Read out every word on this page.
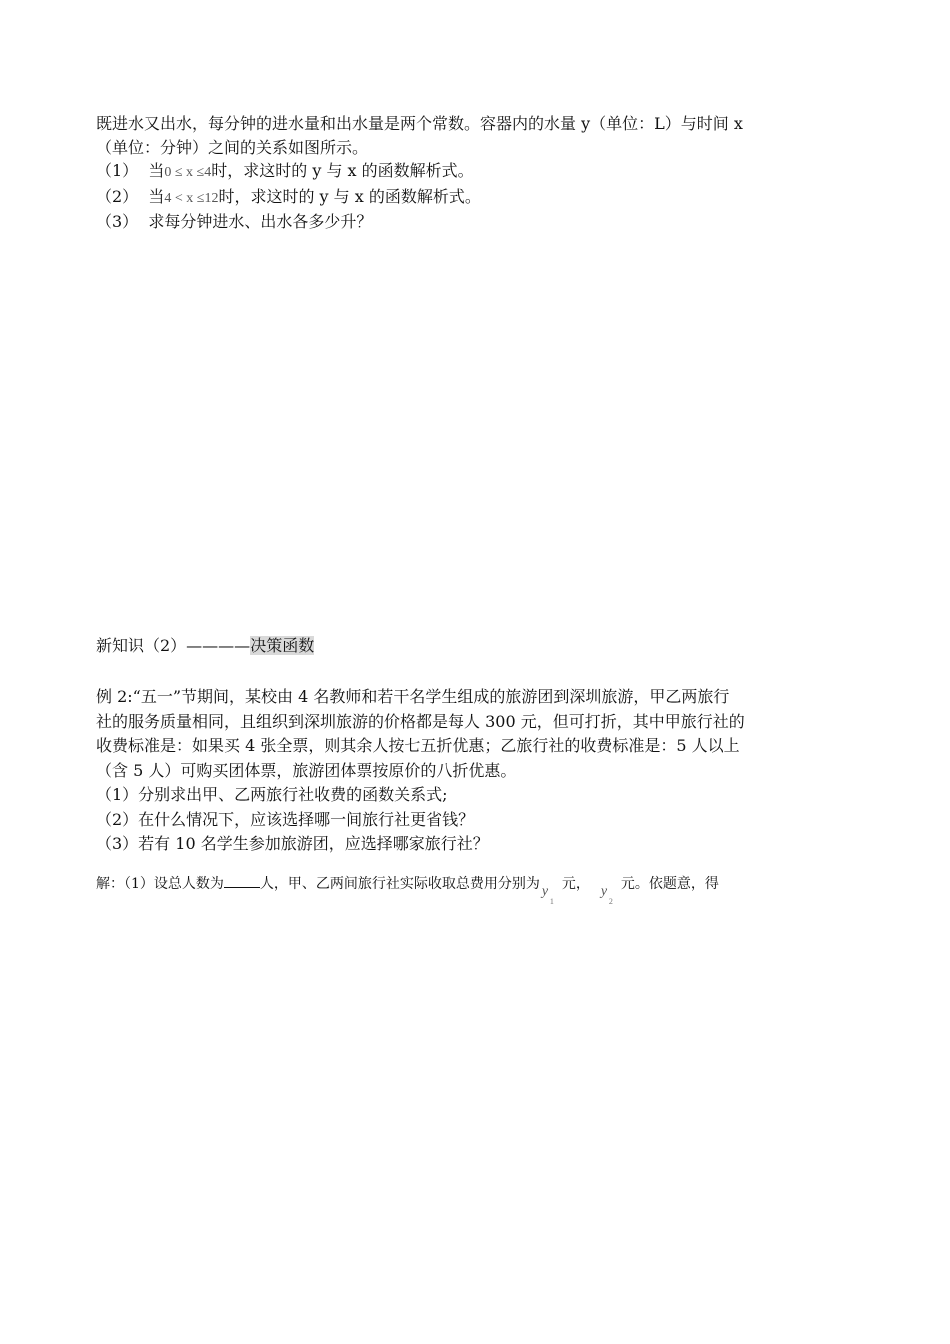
既进水又出水，每分钟的进水量和出水量是两个常数。容器内的水量 y（单位：L）与时间 x
（单位：分钟）之间的关系如图所示。
（1） 当0 ≤ x ≤4时，求这时的 y 与 x 的函数解析式。
（2） 当4 < x ≤12时，求这时的 y 与 x 的函数解析式。
（3） 求每分钟进水、出水各多少升？
新知识（2）————决策函数
例 2:“五一”节期间，某校由 4 名教师和若干名学生组成的旅游团到深圳旅游，甲乙两旅行
社的服务质量相同，且组织到深圳旅游的价格都是每人 300 元，但可打折，其中甲旅行社的
收费标准是：如果买 4 张全票，则其余人按七五折优惠；乙旅行社的收费标准是：5 人以上
（含 5 人）可购买团体票，旅游团体票按原价的八折优惠。
（1）分别求出甲、乙两旅行社收费的函数关系式;
（2）在什么情况下，应该选择哪一间旅行社更省钱？
（3）若有 10 名学生参加旅游团，应选择哪家旅行社？
解：（1）设总人数为	人，甲、乙两间旅行社实际收取总费用分别为 y
1
元， y
2
元。依题意，得
